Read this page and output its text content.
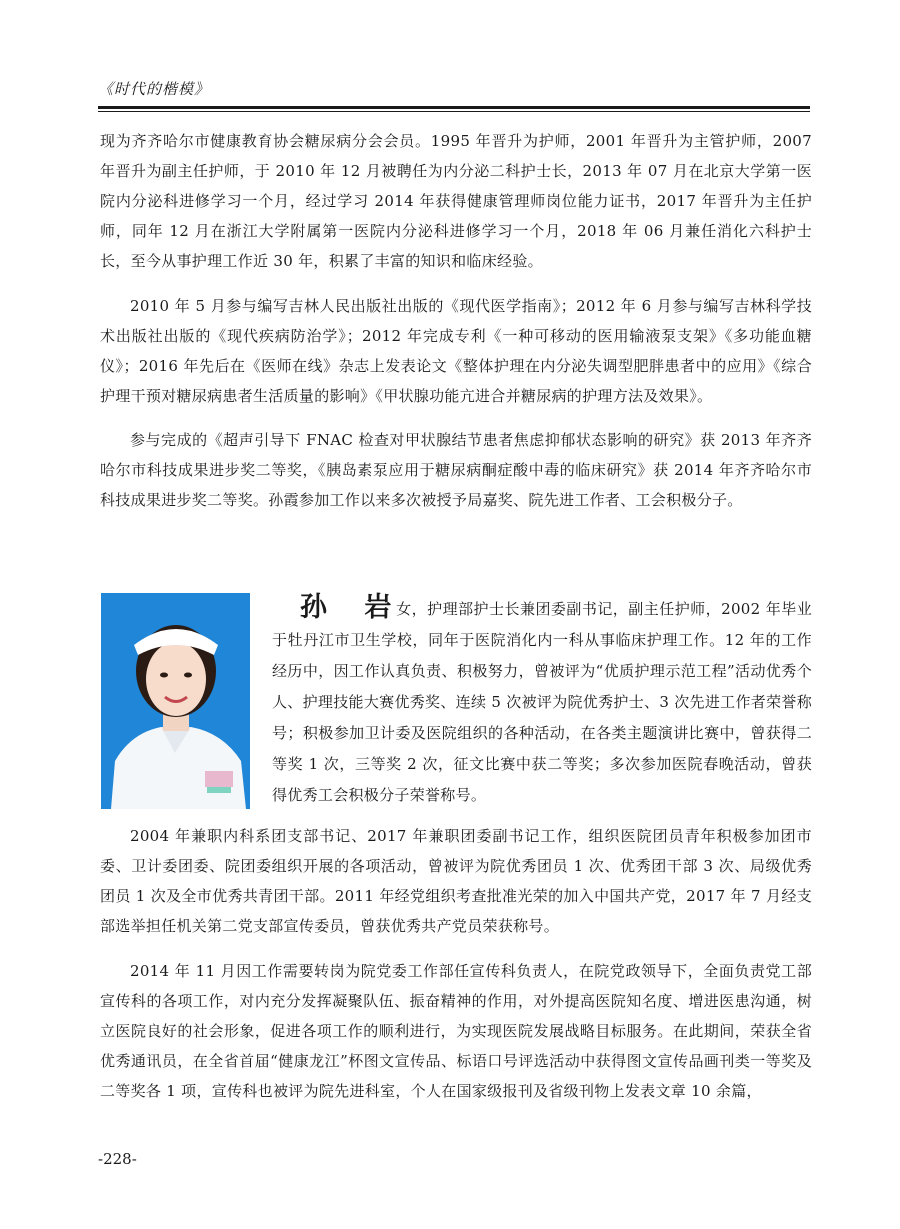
《时代的楷模》

现为齐齐哈尔市健康教育协会糖尿病分会会员。1995 年晋升为护师，2001 年晋升为主管护师，2007 年晋升为副主任护师，于 2010 年 12 月被聘任为内分泌二科护士长，2013 年 07 月在北京大学第一医院内分泌科进修学习一个月，经过学习 2014 年获得健康管理师岗位能力证书，2017 年晋升为主任护师，同年 12 月在浙江大学附属第一医院内分泌科进修学习一个月，2018 年 06 月兼任消化六科护士长，至今从事护理工作近 30 年，积累了丰富的知识和临床经验。

2010 年 5 月参与编写吉林人民出版社出版的《现代医学指南》；2012 年 6 月参与编写吉林科学技术出版社出版的《现代疾病防治学》；2012 年完成专利《一种可移动的医用输液泵支架》《多功能血糖仪》；2016 年先后在《医师在线》杂志上发表论文《整体护理在内分泌失调型肥胖患者中的应用》《综合护理干预对糖尿病患者生活质量的影响》《甲状腺功能亢进合并糖尿病的护理方法及效果》。

参与完成的《超声引导下 FNAC 检查对甲状腺结节患者焦虑抑郁状态影响的研究》获 2013 年齐齐哈尔市科技成果进步奖二等奖，《胰岛素泵应用于糖尿病酮症酸中毒的临床研究》获 2014 年齐齐哈尔市科技成果进步奖二等奖。孙霞参加工作以来多次被授予局嘉奖、院先进工作者、工会积极分子。

孙 岩

女，护理部护士长兼团委副书记，副主任护师，2002 年毕业于牡丹江市卫生学校，同年于医院消化内一科从事临床护理工作。12 年的工作经历中，因工作认真负责、积极努力，曾被评为“优质护理示范工程”活动优秀个人、护理技能大赛优秀奖、连续 5 次被评为院优秀护士、3 次先进工作者荣誉称号；积极参加卫计委及医院组织的各种活动，在各类主题演讲比赛中，曾获得二等奖 1 次，三等奖 2 次，征文比赛中获二等奖；多次参加医院春晚活动，曾获得优秀工会积极分子荣誉称号。

2004 年兼职内科系团支部书记、2017 年兼职团委副书记工作，组织医院团员青年积极参加团市委、卫计委团委、院团委组织开展的各项活动，曾被评为院优秀团员 1 次、优秀团干部 3 次、局级优秀团员 1 次及全市优秀共青团干部。2011 年经党组织考查批准光荣的加入中国共产党，2017 年 7 月经支部选举担任机关第二党支部宣传委员，曾获优秀共产党员荣获称号。

2014 年 11 月因工作需要转岗为院党委工作部任宣传科负责人，在院党政领导下，全面负责党工部宣传科的各项工作，对内充分发挥凝聚队伍、振奋精神的作用，对外提高医院知名度、增进医患沟通，树立医院良好的社会形象，促进各项工作的顺利进行，为实现医院发展战略目标服务。在此期间，荣获全省优秀通讯员，在全省首届“健康龙江”杯图文宣传品、标语口号评选活动中获得图文宣传品画刊类一等奖及二等奖各 1 项，宣传科也被评为院先进科室，个人在国家级报刊及省级刊物上发表文章 10 余篇，

-228-
